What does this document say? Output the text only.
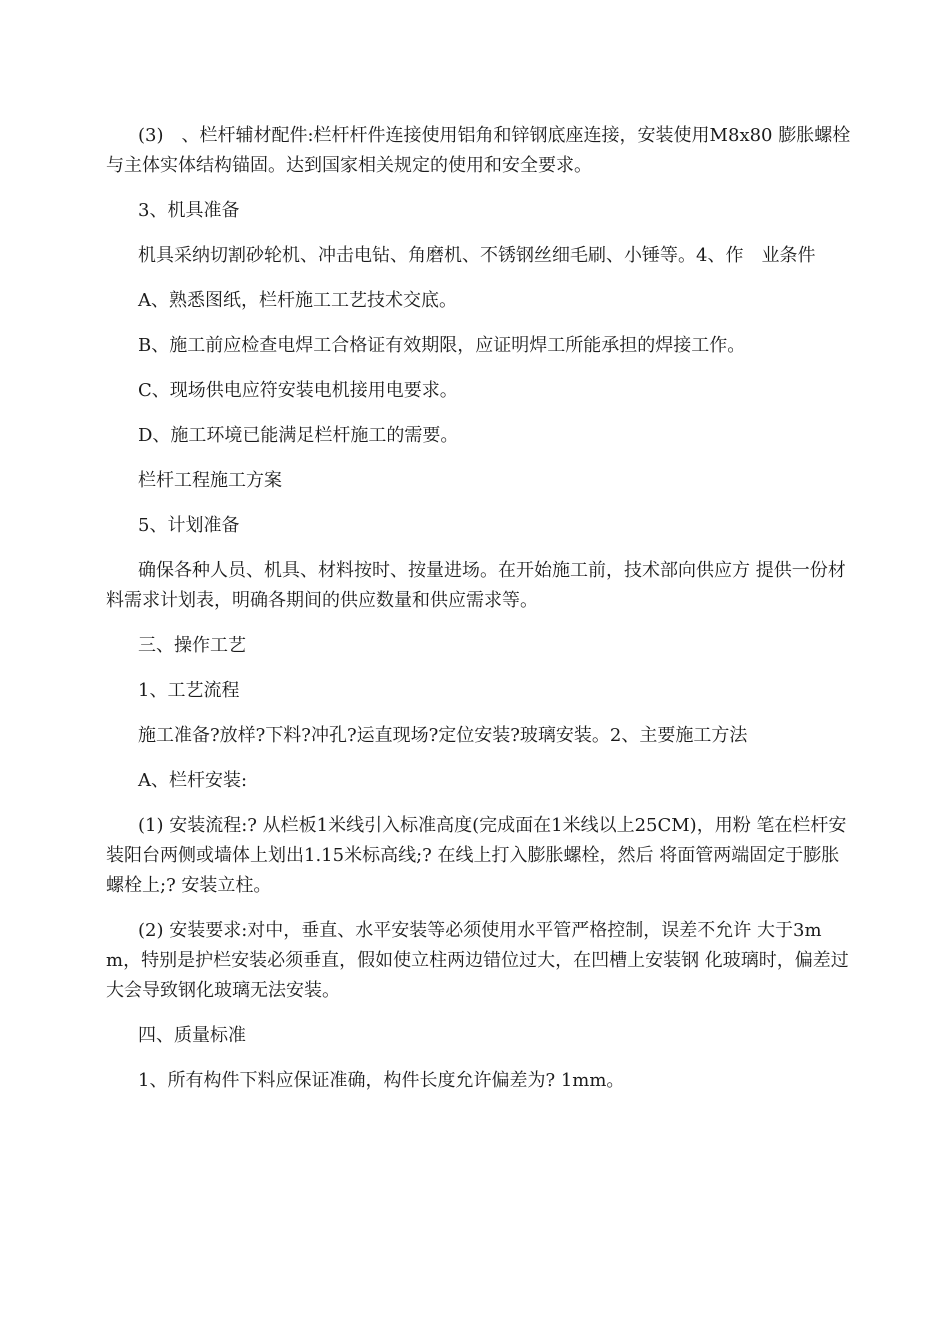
(3)　、栏杆辅材配件:栏杆杆件连接使用铝角和锌钢底座连接，安装使用M8x80 膨胀螺栓与主体实体结构锚固。达到国家相关规定的使用和安全要求。

3、机具准备

机具采纳切割砂轮机、冲击电钻、角磨机、不锈钢丝细毛刷、小锤等。4、作　业条件

A、熟悉图纸，栏杆施工工艺技术交底。

B、施工前应检查电焊工合格证有效期限，应证明焊工所能承担的焊接工作。

C、现场供电应符安装电机接用电要求。

D、施工环境已能满足栏杆施工的需要。

栏杆工程施工方案

5、计划准备

确保各种人员、机具、材料按时、按量进场。在开始施工前，技术部向供应方 提供一份材料需求计划表，明确各期间的供应数量和供应需求等。

三、操作工艺

1、工艺流程

施工准备?放样?下料?冲孔?运直现场?定位安装?玻璃安装。2、主要施工方法

A、栏杆安装:

(1) 安装流程:? 从栏板1米线引入标准高度(完成面在1米线以上25CM)，用粉 笔在栏杆安装阳台两侧或墙体上划出1.15米标高线;? 在线上打入膨胀螺栓，然后 将面管两端固定于膨胀螺栓上;? 安装立柱。

(2) 安装要求:对中，垂直、水平安装等必须使用水平管严格控制，误差不允许 大于3mm，特别是护栏安装必须垂直，假如使立柱两边错位过大，在凹槽上安装钢 化玻璃时，偏差过大会导致钢化玻璃无法安装。

四、质量标准

1、所有构件下料应保证准确，构件长度允许偏差为? 1mm。
